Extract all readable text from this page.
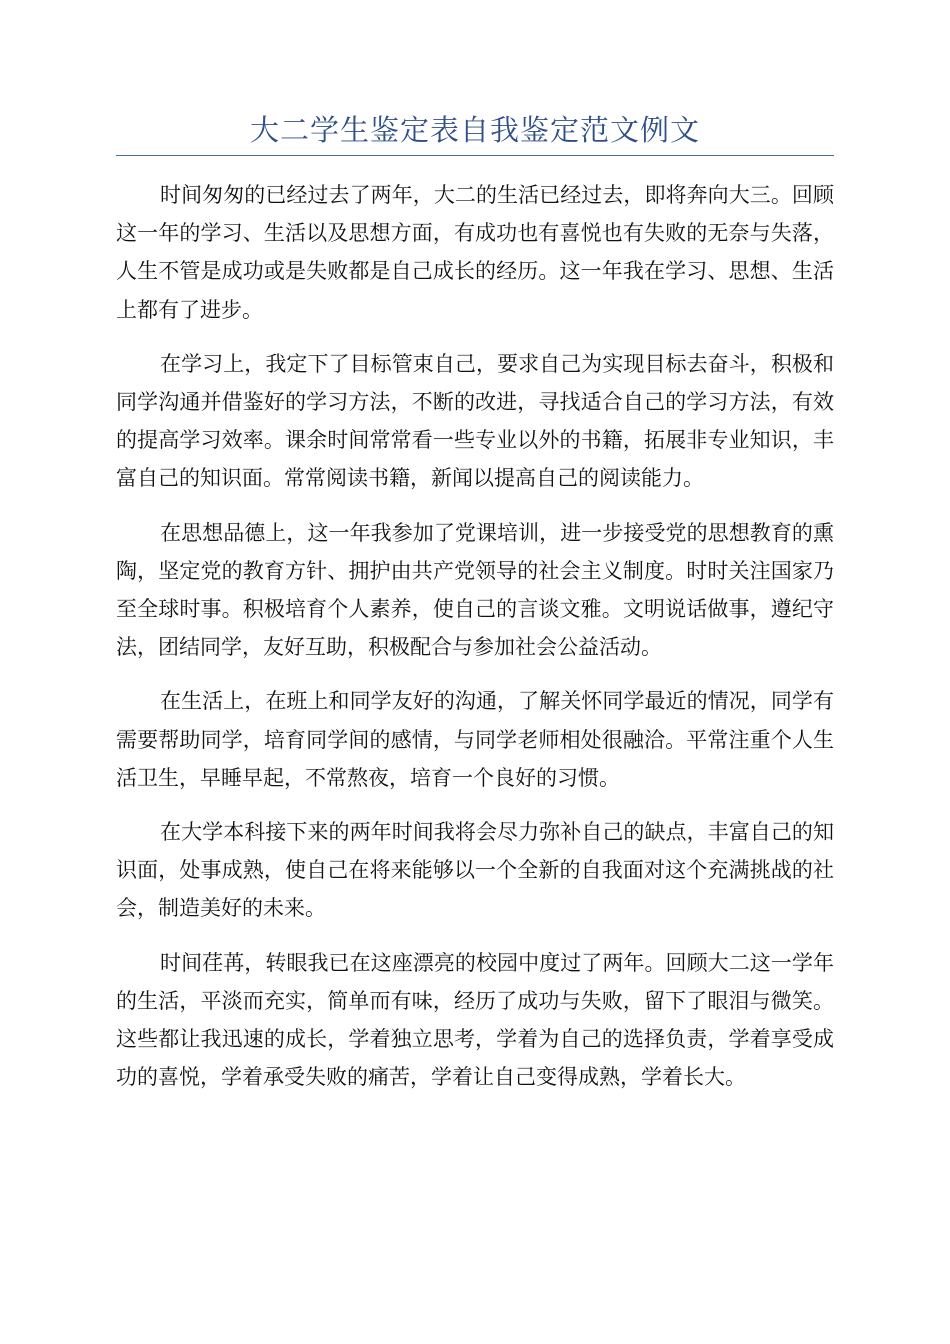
大二学生鉴定表自我鉴定范文例文

时间匆匆的已经过去了两年，大二的生活已经过去，即将奔向大三。回顾这一年的学习、生活以及思想方面，有成功也有喜悦也有失败的无奈与失落，人生不管是成功或是失败都是自己成长的经历。这一年我在学习、思想、生活上都有了进步。

在学习上，我定下了目标管束自己，要求自己为实现目标去奋斗，积极和同学沟通并借鉴好的学习方法，不断的改进，寻找适合自己的学习方法，有效的提高学习效率。课余时间常常看一些专业以外的书籍，拓展非专业知识，丰富自己的知识面。常常阅读书籍，新闻以提高自己的阅读能力。

在思想品德上，这一年我参加了党课培训，进一步接受党的思想教育的熏陶，坚定党的教育方针、拥护由共产党领导的社会主义制度。时时关注国家乃至全球时事。积极培育个人素养，使自己的言谈文雅。文明说话做事，遵纪守法，团结同学，友好互助，积极配合与参加社会公益活动。

在生活上，在班上和同学友好的沟通，了解关怀同学最近的情况，同学有需要帮助同学，培育同学间的感情，与同学老师相处很融洽。平常注重个人生活卫生，早睡早起，不常熬夜，培育一个良好的习惯。

在大学本科接下来的两年时间我将会尽力弥补自己的缺点，丰富自己的知识面，处事成熟，使自己在将来能够以一个全新的自我面对这个充满挑战的社会，制造美好的未来。

时间荏苒，转眼我已在这座漂亮的校园中度过了两年。回顾大二这一学年的生活，平淡而充实，简单而有味，经历了成功与失败，留下了眼泪与微笑。这些都让我迅速的成长，学着独立思考，学着为自己的选择负责，学着享受成功的喜悦，学着承受失败的痛苦，学着让自己变得成熟，学着长大。
